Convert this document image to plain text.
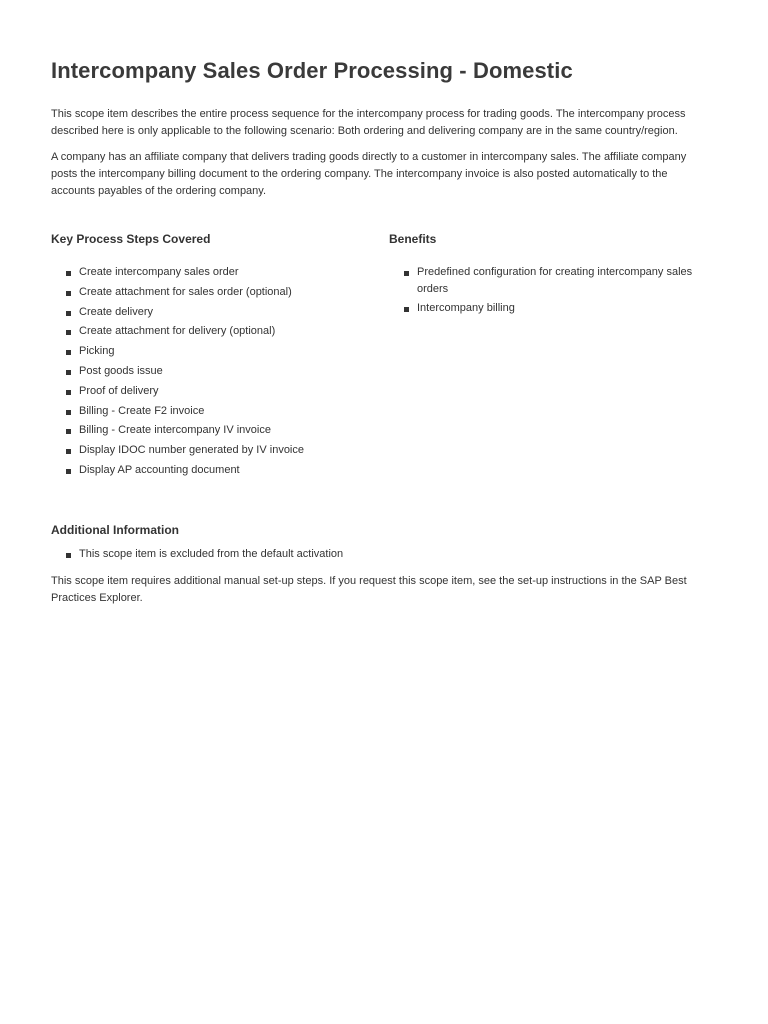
Intercompany Sales Order Processing - Domestic

This scope item describes the entire process sequence for the intercompany process for trading goods. The intercompany process described here is only applicable to the following scenario: Both ordering and delivering company are in the same country/region.

A company has an affiliate company that delivers trading goods directly to a customer in intercompany sales. The affiliate company posts the intercompany billing document to the ordering company. The intercompany invoice is also posted automatically to the accounts payables of the ordering company.

Key Process Steps Covered
Create intercompany sales order
Create attachment for sales order (optional)
Create delivery
Create attachment for delivery (optional)
Picking
Post goods issue
Proof of delivery
Billing - Create F2 invoice
Billing - Create intercompany IV invoice
Display IDOC number generated by IV invoice
Display AP accounting document
Benefits
Predefined configuration for creating intercompany sales orders
Intercompany billing
Additional Information
This scope item is excluded from the default activation

This scope item requires additional manual set-up steps. If you request this scope item, see the set-up instructions in the SAP Best Practices Explorer.
